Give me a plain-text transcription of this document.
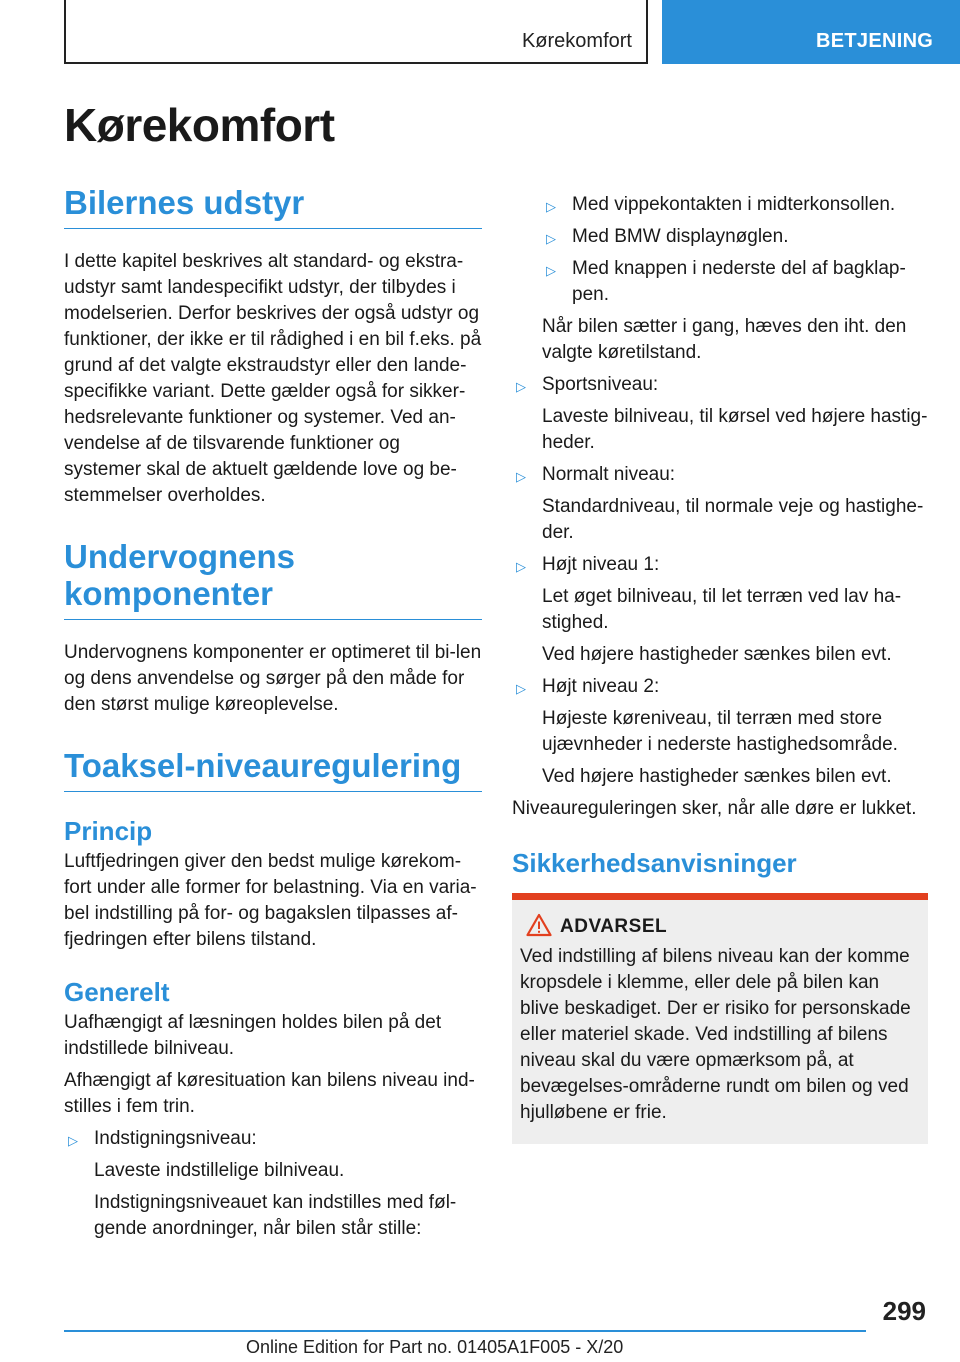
Kørekomfort	BETJENING
Kørekomfort
Bilernes udstyr

I dette kapitel beskrives alt standard- og ekstra-udstyr samt landespecifikt udstyr, der tilbydes i modelserien. Derfor beskrives der også udstyr og funktioner, der ikke er til rådighed i en bil f.eks. på grund af det valgte ekstraudstyr eller den lande-specifikke variant. Dette gælder også for sikker-hedsrelevante funktioner og systemer. Ved an-vendelse af de tilsvarende funktioner og systemer skal de aktuelt gældende love og be-stemmelser overholdes.

Undervognens komponenter

Undervognens komponenter er optimeret til bi-len og dens anvendelse og sørger på den måde for den størst mulige køreoplevelse.

Toaksel-niveauregulering
Princip

Luftfjedringen giver den bedst mulige kørekom-fort under alle former for belastning. Via en varia-bel indstilling på for- og bagakslen tilpasses af-fjedringen efter bilens tilstand.

Generelt

Uafhængigt af læsningen holdes bilen på det indstillede bilniveau.

Afhængigt af køresituation kan bilens niveau ind-stilles i fem trin.

▷ Indstigningsniveau:
Laveste indstillelige bilniveau.
Indstigningsniveauet kan indstilles med føl-gende anordninger, når bilen står stille:
▷ Med vippekontakten i midterkonsollen.
▷ Med BMW displaynøglen.
▷ Med knappen i nederste del af bagklap-pen.
Når bilen sætter i gang, hæves den iht. den valgte køretilstand.
▷ Sportsniveau:
Laveste bilniveau, til kørsel ved højere hastig-heder.
▷ Normalt niveau:
Standardniveau, til normale veje og hastighe-der.
▷ Højt niveau 1:
Let øget bilniveau, til let terræn ved lav ha-stighed.
Ved højere hastigheder sænkes bilen evt.
▷ Højt niveau 2:
Højeste køreniveau, til terræn med store ujævnheder i nederste hastighedsområde.
Ved højere hastigheder sænkes bilen evt.

Niveaureguleringen sker, når alle døre er lukket.

Sikkerhedsanvisninger
ADVARSEL

Ved indstilling af bilens niveau kan der komme kropsdele i klemme, eller dele på bilen kan blive beskadiget. Der er risiko for personskade eller materiel skade. Ved indstilling af bilens niveau skal du være opmærksom på, at bevægelses-områderne rundt om bilen og ved hjulløbene er frie.

299
Online Edition for Part no. 01405A1F005 - X/20
